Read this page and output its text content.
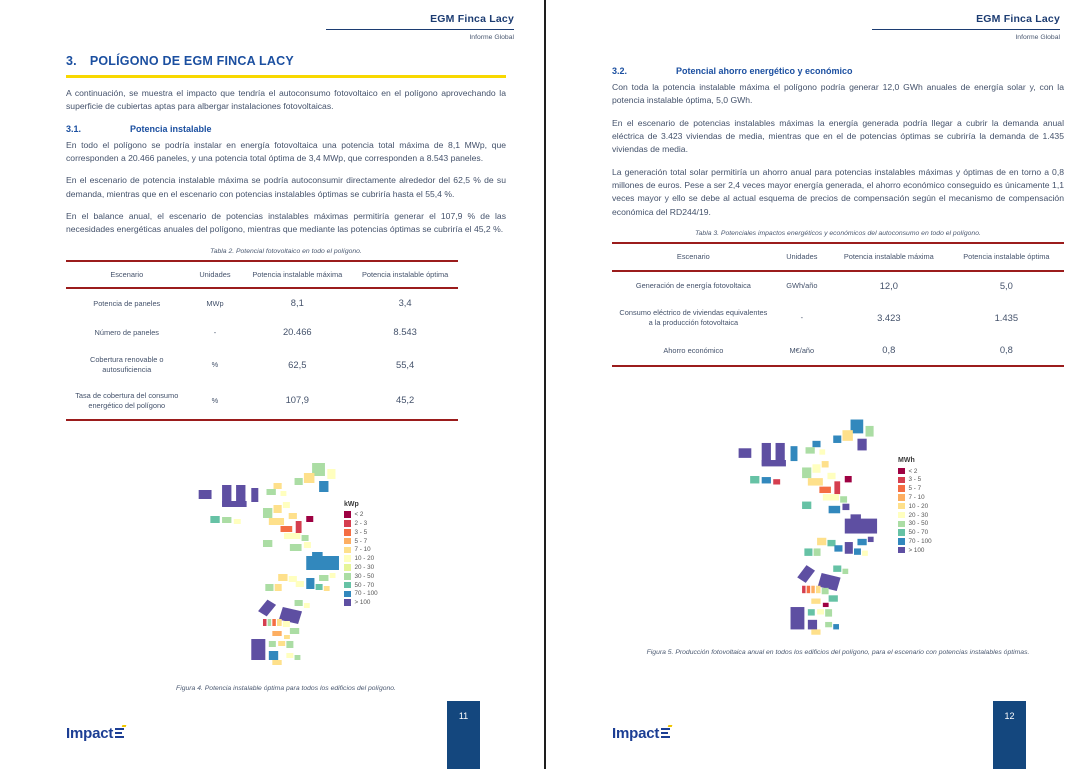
EGM Finca Lacy
Informe Global
3. POLÍGONO DE EGM FINCA LACY

A continuación, se muestra el impacto que tendría el autoconsumo fotovoltaico en el polígono aprovechando la superficie de cubiertas aptas para albergar instalaciones fotovoltaicas.

3.1.	Potencia instalable

En todo el polígono se podría instalar en energía fotovoltaica una potencia total máxima de 8,1 MWp, que corresponden a 20.466 paneles, y una potencia total óptima de 3,4 MWp, que corresponden a 8.543 paneles.

En el escenario de potencia instalable máxima se podría autoconsumir directamente alrededor del 62,5 % de su demanda, mientras que en el escenario con potencias instalables óptimas se cubriría hasta el 55,4 %.

En el balance anual, el escenario de potencias instalables máximas permitiría generar el 107,9 % de las necesidades energéticas anuales del polígono, mientras que mediante las potencias óptimas se cubriría el 45,2 %.

Tabla 2. Potencial fotovoltaico en todo el polígono.
Escenario	Unidades	Potencia instalable máxima	Potencia instalable óptima
Potencia de paneles	MWp	8,1	3,4
Número de paneles	-	20.466	8.543
Cobertura renovable o autosuficiencia	%	62,5	55,4
Tasa de cobertura del consumo energético del polígono	%	107,9	45,2
kWp
< 2
2 - 3
3 - 5
5 - 7
7 - 10
10 - 20
20 - 30
30 - 50
50 - 70
70 - 100
> 100
Figura 4. Potencia instalable óptima para todos los edificios del polígono.
Impact
11
EGM Finca Lacy
Informe Global
3.2.	Potencial ahorro energético y económico

Con toda la potencia instalable máxima el polígono podría generar 12,0 GWh anuales de energía solar y, con la potencia instalable óptima, 5,0 GWh.

En el escenario de potencias instalables máximas la energía generada podría llegar a cubrir la demanda anual eléctrica de 3.423 viviendas de media, mientras que en el de potencias óptimas se cubriría la demanda de 1.435 viviendas de media.

La generación total solar permitiría un ahorro anual para potencias instalables máximas y óptimas de en torno a 0,8 millones de euros. Pese a ser 2,4 veces mayor energía generada, el ahorro económico conseguido es únicamente 1,1 veces mayor y ello se debe al actual esquema de precios de compensación según el mecanismo de compensación económica del RD244/19.

Tabla 3. Potenciales impactos energéticos y económicos del autoconsumo en todo el polígono.
Escenario	Unidades	Potencia instalable máxima	Potencia instalable óptima
Generación de energía fotovoltaica	GWh/año	12,0	5,0
Consumo eléctrico de viviendas equivalentes a la producción fotovoltaica	-	3.423	1.435
Ahorro económico	M€/año	0,8	0,8
MWh
< 2
3 - 5
5 - 7
7 - 10
10 - 20
20 - 30
30 - 50
50 - 70
70 - 100
> 100
Figura 5. Producción fotovoltaica anual en todos los edificios del polígono, para el escenario con potencias instalables óptimas.
Impact
12
